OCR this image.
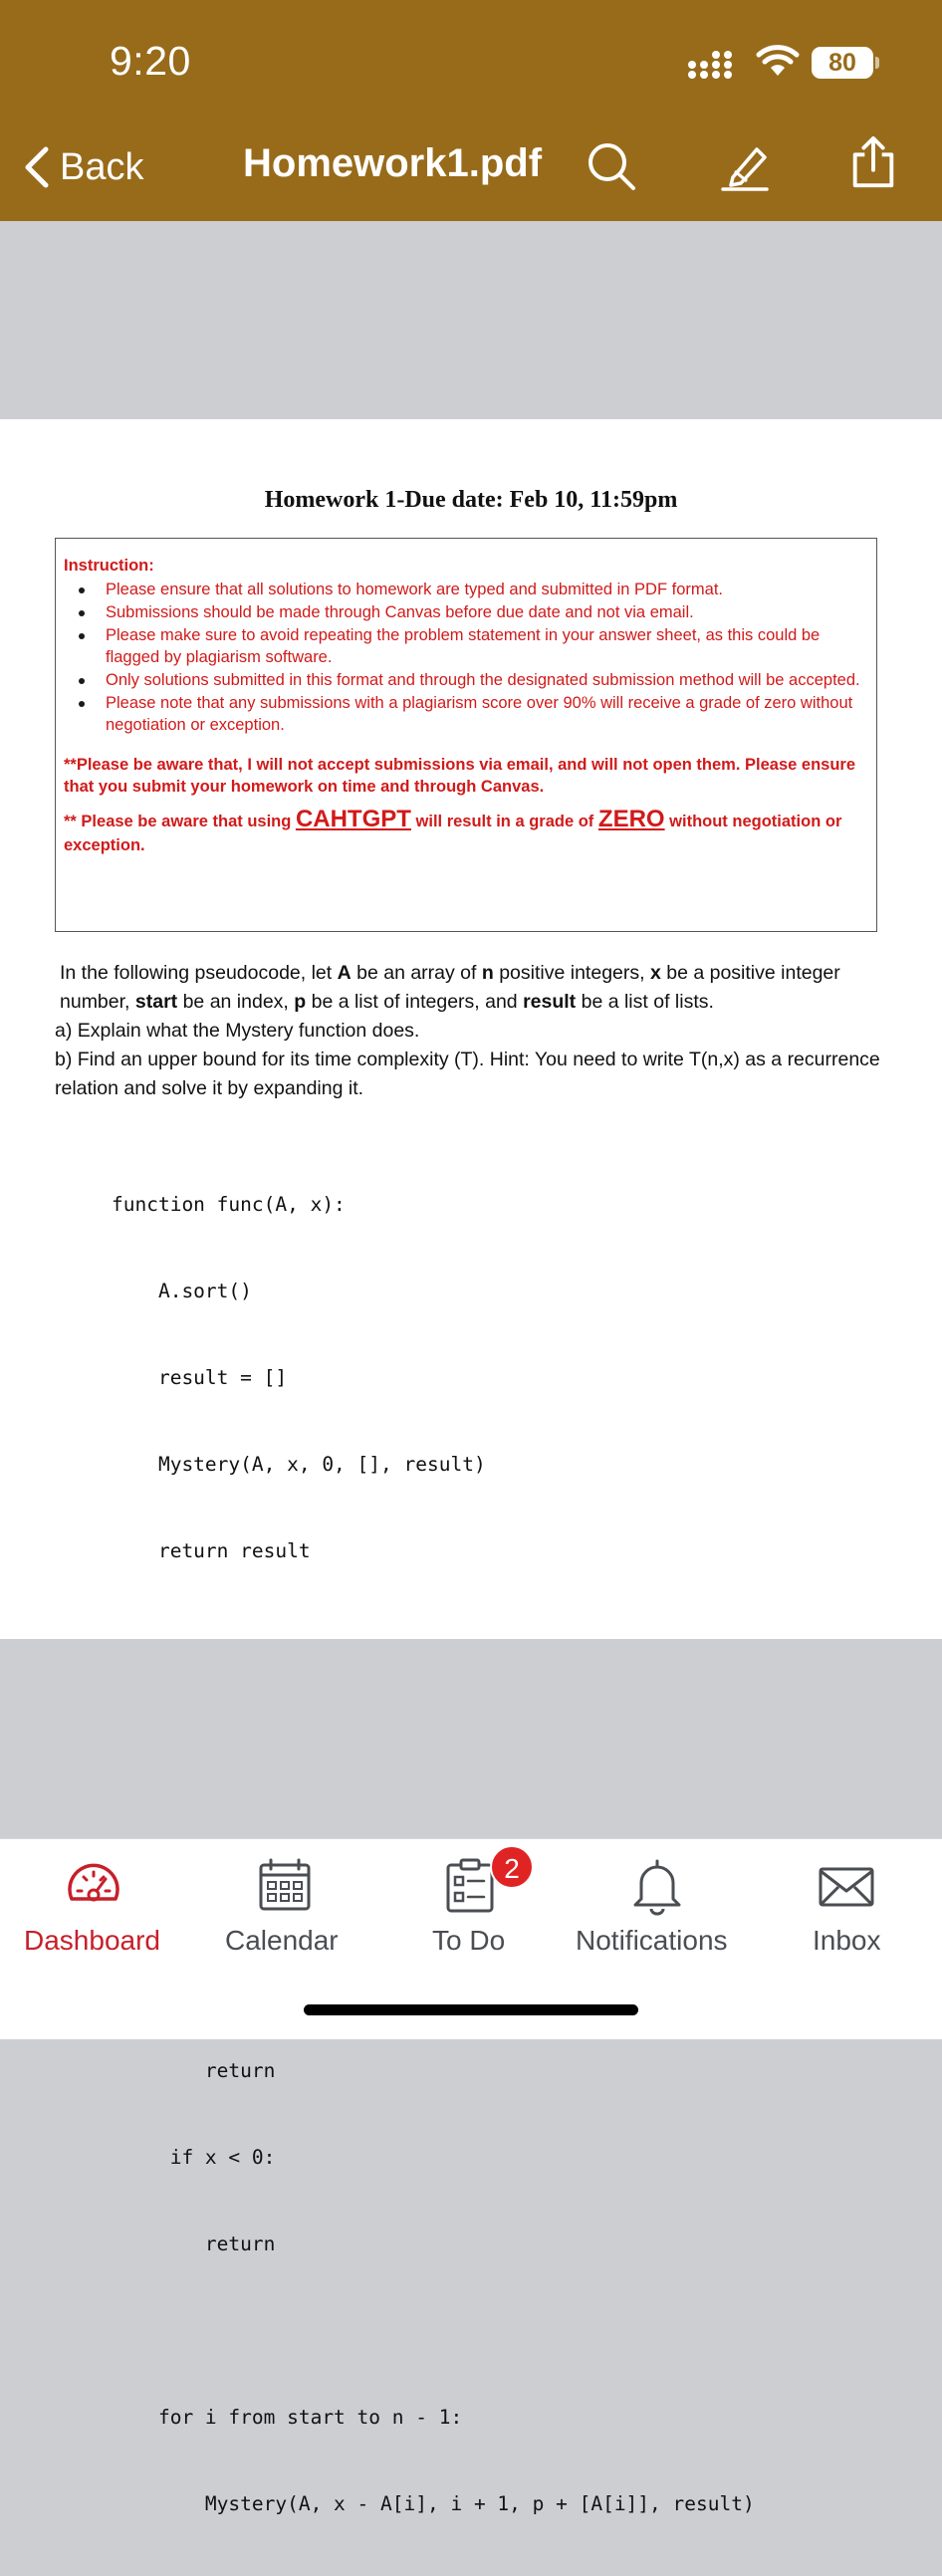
9:20	80
Back Homework1.pdf
Homework 1-Due date: Feb 10, 11:59pm
Instruction:
Please ensure that all solutions to homework are typed and submitted in PDF format.
Submissions should be made through Canvas before due date and not via email.
Please make sure to avoid repeating the problem statement in your answer sheet, as this could be flagged by plagiarism software.
Only solutions submitted in this format and through the designated submission method will be accepted.
Please note that any submissions with a plagiarism score over 90% will receive a grade of zero without negotiation or exception.
**Please be aware that, I will not accept submissions via email, and will not open them. Please ensure that you submit your homework on time and through Canvas.
** Please be aware that using CAHTGPT will result in a grade of ZERO without negotiation or exception.

In the following pseudocode, let A be an array of n positive integers, x be a positive integer number, start be an index, p be a list of integers, and result be a list of lists.

a) Explain what the Mystery function does.

b) Find an upper bound for its time complexity (T). Hint: You need to write T(n,x) as a recurrence relation and solve it by expanding it.

function func(A, x):

A.sort()

result = []

Mystery(A, x, 0, [], result)

return result

return

if x < 0:

return

for i from start to n - 1:

Mystery(A, x - A[i], i + 1, p + [A[i]], result)

Dashboard Calendar
2
To Do	Notifications	Inbox
